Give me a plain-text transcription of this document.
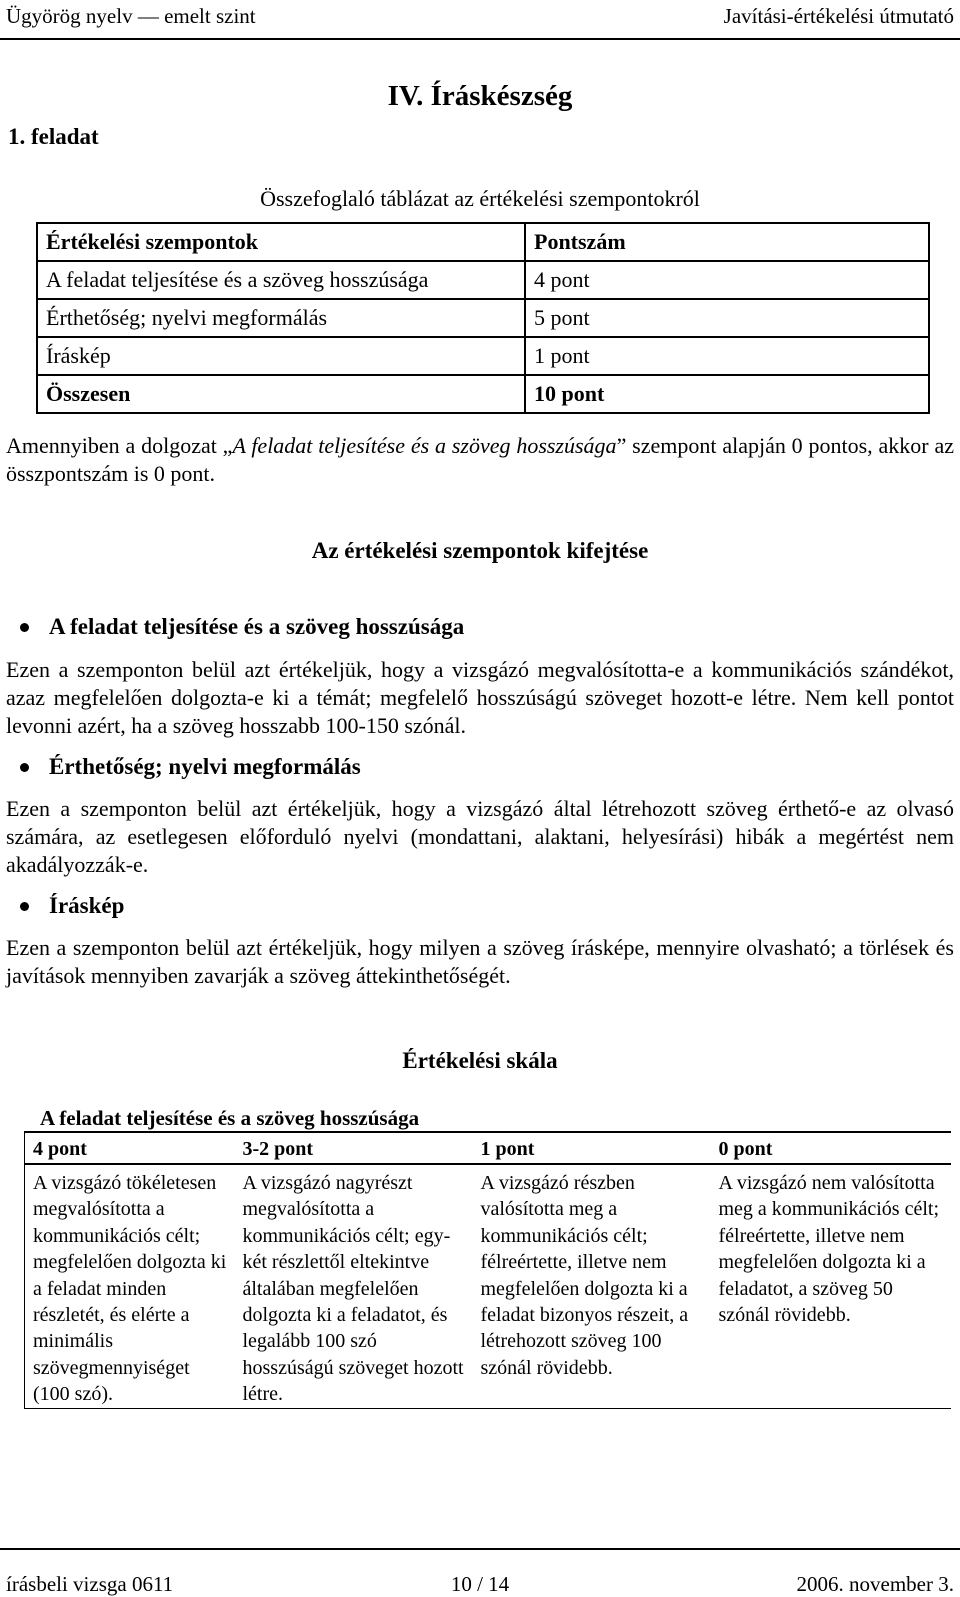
Ügyörög nyelv — emelt szint	Javítási-értékelési útmutató
IV. Íráskészség
1. feladat
Összefoglaló táblázat az értékelési szempontokról
Értékelési szempontok	Pontszám
A feladat teljesítése és a szöveg hosszúsága	4 pont
Érthetőség; nyelvi megformálás	5 pont
Íráskép	1 pont
Összesen	10 pont
Amennyiben a dolgozat „A feladat teljesítése és a szöveg hosszúsága” szempont alapján 0 pontos, akkor az összpontszám is 0 pont.
Az értékelési szempontok kifejtése
A feladat teljesítése és a szöveg hosszúsága
Ezen a szemponton belül azt értékeljük, hogy a vizsgázó megvalósította-e a kommunikációs szándékot, azaz megfelelően dolgozta-e ki a témát; megfelelő hosszúságú szöveget hozott-e létre. Nem kell pontot levonni azért, ha a szöveg hosszabb 100-150 szónál.
Érthetőség; nyelvi megformálás
Ezen a szemponton belül azt értékeljük, hogy a vizsgázó által létrehozott szöveg érthető-e az olvasó számára, az esetlegesen előforduló nyelvi (mondattani, alaktani, helyesírási) hibák a megértést nem akadályozzák-e.
Íráskép
Ezen a szemponton belül azt értékeljük, hogy milyen a szöveg írásképe, mennyire olvasható; a törlések és javítások mennyiben zavarják a szöveg áttekinthetőségét.
Értékelési skála
A feladat teljesítése és a szöveg hosszúsága
4 pont	3-2 pont	1 pont	0 pont
A vizsgázó tökéletesen megvalósította a kommunikációs célt; megfelelően dolgozta ki a feladat minden részletét, és elérte a minimális szövegmennyiséget (100 szó).	A vizsgázó nagyrészt megvalósította a kommunikációs célt; egy-két részlettől eltekintve általában megfelelően dolgozta ki a feladatot, és legalább 100 szó hosszúságú szöveget hozott létre.	A vizsgázó részben valósította meg a kommunikációs célt; félreértette, illetve nem megfelelően dolgozta ki a feladat bizonyos részeit, a létrehozott szöveg 100 szónál rövidebb.	A vizsgázó nem valósította meg a kommunikációs célt; félreértette, illetve nem megfelelően dolgozta ki a feladatot, a szöveg 50 szónál rövidebb.
írásbeli vizsga 0611	10 / 14	2006. november 3.
